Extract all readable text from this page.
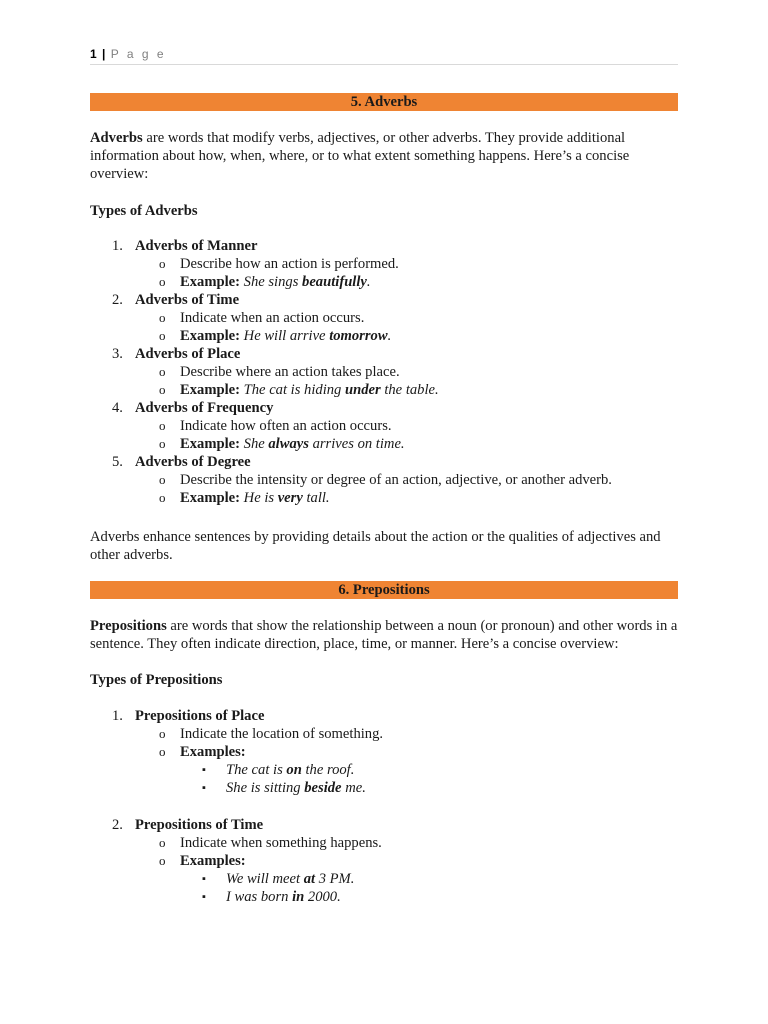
1 | P a g e
5. Adverbs

Adverbs are words that modify verbs, adjectives, or other adverbs. They provide additional information about how, when, where, or to what extent something happens. Here’s a concise overview:

Types of Adverbs
1. Adverbs of Manner
o Describe how an action is performed.
o Example: She sings beautifully.
2. Adverbs of Time
o Indicate when an action occurs.
o Example: He will arrive tomorrow.
3. Adverbs of Place
o Describe where an action takes place.
o Example: The cat is hiding under the table.
4. Adverbs of Frequency
o Indicate how often an action occurs.
o Example: She always arrives on time.
5. Adverbs of Degree
o Describe the intensity or degree of an action, adjective, or another adverb.
o Example: He is very tall.
Adverbs enhance sentences by providing details about the action or the qualities of adjectives and other adverbs.
6. Prepositions

Prepositions are words that show the relationship between a noun (or pronoun) and other words in a sentence. They often indicate direction, place, time, or manner. Here’s a concise overview:

Types of Prepositions
1. Prepositions of Place
o Indicate the location of something.
o Examples:
▪ The cat is on the roof.
▪ She is sitting beside me.
2. Prepositions of Time
o Indicate when something happens.
o Examples:
▪ We will meet at 3 PM.
▪ I was born in 2000.
